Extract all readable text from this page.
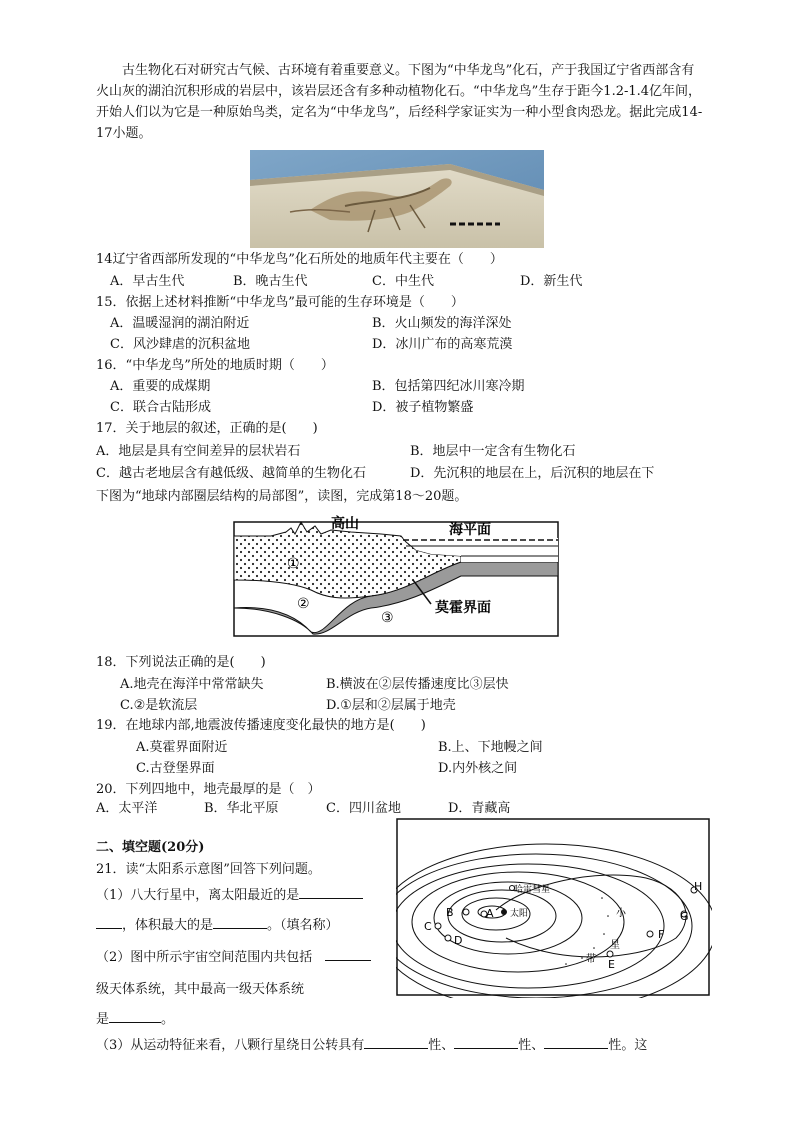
古生物化石对研究古气候、古环境有着重要意义。下图为“中华龙鸟”化石，产于我国辽宁省西部含有火山灰的湖泊沉积形成的岩层中，该岩层还含有多种动植物化石。“中华龙鸟”生存于距今1.2-1.4亿年间，开始人们以为它是一种原始鸟类，定名为“中华龙鸟”，后经科学家证实为一种小型食肉恐龙。据此完成14-17小题。

14辽宁省西部所发现的“中华龙鸟”化石所处的地质年代主要在（　　）
A．早古生代	B．晚古生代	C．中生代	D．新生代
15．依据上述材料推断“中华龙鸟”最可能的生存环境是（　　）
A．温暖湿润的湖泊附近	B．火山频发的海洋深处
C．风沙肆虐的沉积盆地	D．冰川广布的高寒荒漠
16．“中华龙鸟”所处的地质时期（　　）
A．重要的成煤期	B．包括第四纪冰川寒冷期
C．联合古陆形成	D．被子植物繁盛
17．关于地层的叙述，正确的是(　　)
A．地层是具有空间差异的层状岩石	B．地层中一定含有生物化石
C．越古老地层含有越低级、越简单的生物化石	D．先沉积的地层在上，后沉积的地层在下
下图为“地球内部圈层结构的局部图”，读图，完成第18～20题。
高山	海平面
莫霍界面
①
②
③
18．下列说法正确的是(　　)
A.地壳在海洋中常常缺失	B.横波在②层传播速度比③层快
C.②是软流层	D.①层和②层属于地壳
19．在地球内部,地震波传播速度变化最快的地方是(　　)
A.莫霍界面附近	B.上、下地幔之间
C.古登堡界面	D.内外核之间
20．下列四地中，地壳最厚的是（　）
A．太平洋	B．华北平原	C．四川盆地	D．青藏高
二、填空题(20分)
21．读“太阳系示意图”回答下列问题。
（1）八大行星中，离太阳最近的是
，体积最大的是	。（填名称）
（2）图中所示宇宙空间范围内共包括　
级天体系统，其中最高一级天体系统
是	。
（3）从运动特征来看，八颗行星绕日公转具有	性、	性、	性。这
哈雷彗星
A 太阳
B
C
D
E
F
G
H
小
星
带
